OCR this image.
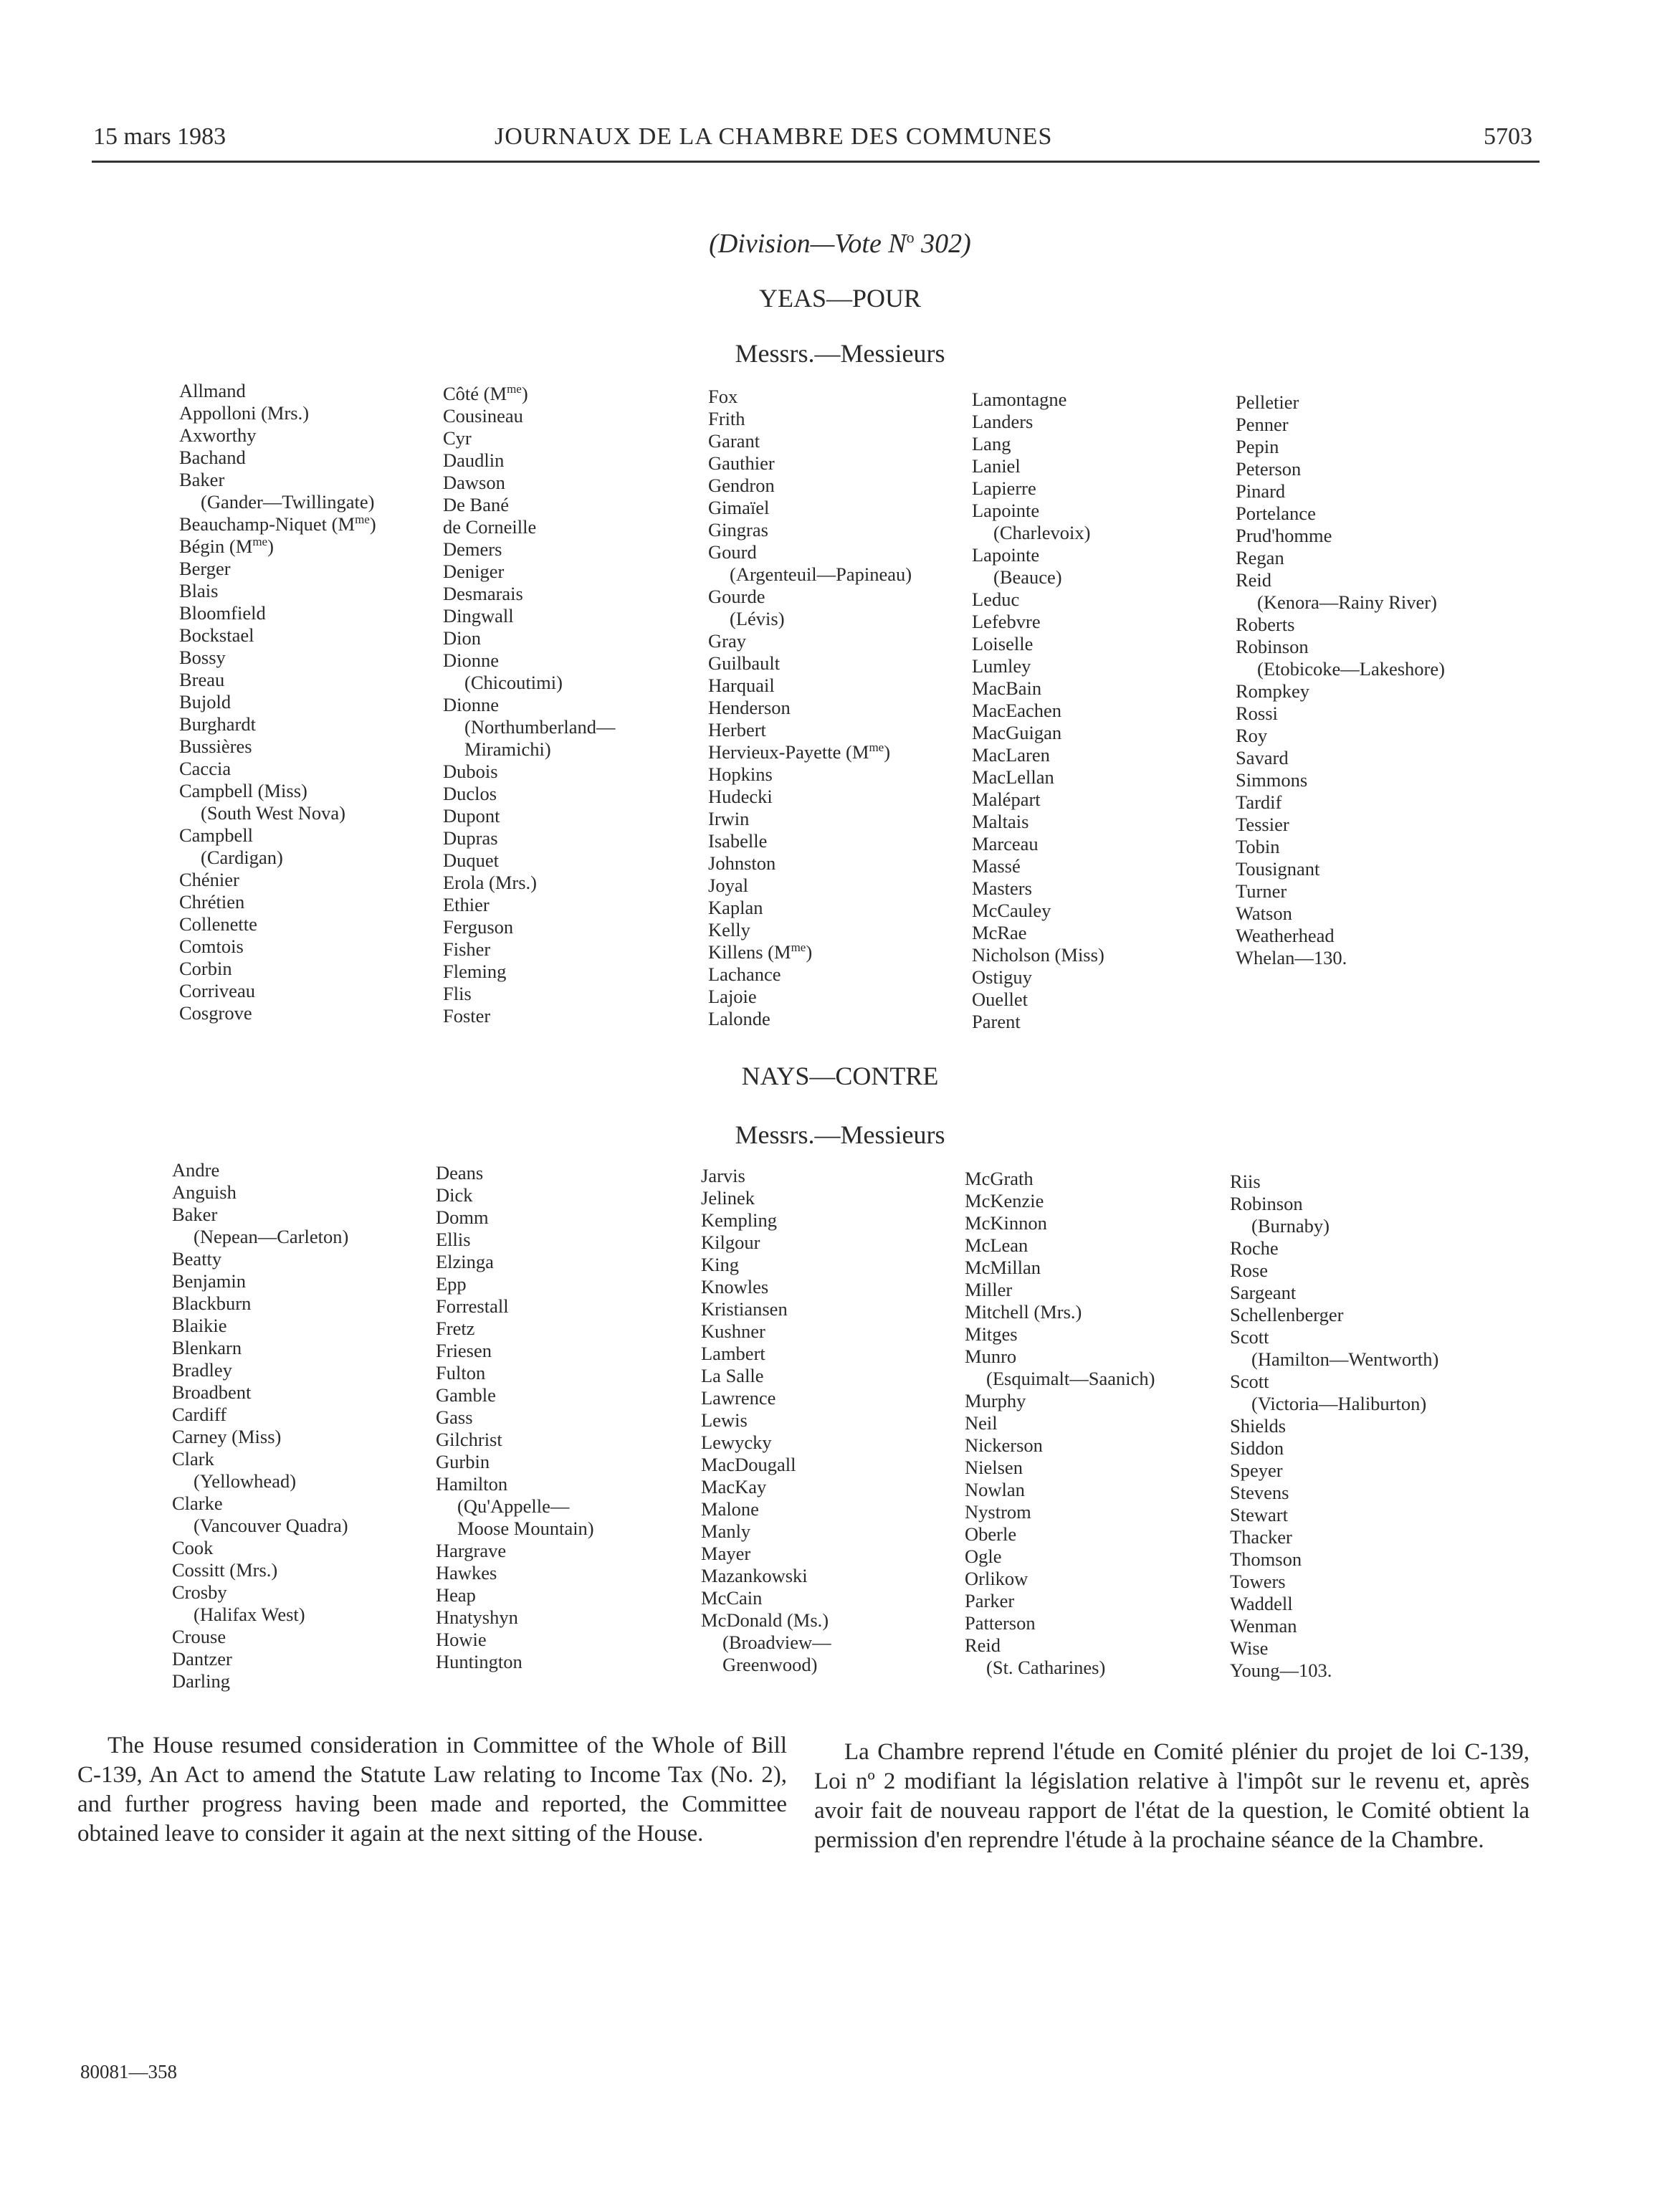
15 mars 1983	JOURNAUX DE LA CHAMBRE DES COMMUNES	5703
(Division—Vote $N^o$ 302)
YEAS—POUR
Messrs.—Messieurs
Allmand
Appolloni (Mrs.)
Axworthy
Bachand
Baker
(Gander—Twillingate)
Beauchamp-Niquet $(M^{me})$
Bégin $(M^{me})$
Berger
Blais
Bloomfield
Bockstael
Bossy
Breau
Bujold
Burghardt
Bussières
Caccia
Campbell (Miss)
(South West Nova)
Campbell
(Cardigan)
Chénier
Chrétien
Collenette
Comtois
Corbin
Corriveau
Cosgrove
Côté $(M^{me})$
Cousineau
Cyr
Daudlin
Dawson
De Bané
de Corneille
Demers
Deniger
Desmarais
Dingwall
Dion
Dionne
(Chicoutimi)
Dionne
(Northumberland—
Miramichi)
Dubois
Duclos
Dupont
Dupras
Duquet
Erola (Mrs.)
Ethier
Ferguson
Fisher
Fleming
Flis
Foster
Fox
Frith
Garant
Gauthier
Gendron
Gimaïel
Gingras
Gourd
(Argenteuil—Papineau)
Gourde
(Lévis)
Gray
Guilbault
Harquail
Henderson
Herbert
Hervieux-Payette $(M^{me})$
Hopkins
Hudecki
Irwin
Isabelle
Johnston
Joyal
Kaplan
Kelly
Killens $(M^{me})$
Lachance
Lajoie
Lalonde
Lamontagne
Landers
Lang
Laniel
Lapierre
Lapointe
(Charlevoix)
Lapointe
(Beauce)
Leduc
Lefebvre
Loiselle
Lumley
MacBain
MacEachen
MacGuigan
MacLaren
MacLellan
Malépart
Maltais
Marceau
Massé
Masters
McCauley
McRae
Nicholson (Miss)
Ostiguy
Ouellet
Parent
Pelletier
Penner
Pepin
Peterson
Pinard
Portelance
Prud'homme
Regan
Reid
(Kenora—Rainy River)
Roberts
Robinson
(Etobicoke—Lakeshore)
Rompkey
Rossi
Roy
Savard
Simmons
Tardif
Tessier
Tobin
Tousignant
Turner
Watson
Weatherhead
Whelan—130.
NAYS—CONTRE
Messrs.—Messieurs
Andre
Anguish
Baker
(Nepean—Carleton)
Beatty
Benjamin
Blackburn
Blaikie
Blenkarn
Bradley
Broadbent
Cardiff
Carney (Miss)
Clark
(Yellowhead)
Clarke
(Vancouver Quadra)
Cook
Cossitt (Mrs.)
Crosby
(Halifax West)
Crouse
Dantzer
Darling
Deans
Dick
Domm
Ellis
Elzinga
Epp
Forrestall
Fretz
Friesen
Fulton
Gamble
Gass
Gilchrist
Gurbin
Hamilton
(Qu'Appelle—
Moose Mountain)
Hargrave
Hawkes
Heap
Hnatyshyn
Howie
Huntington
Jarvis
Jelinek
Kempling
Kilgour
King
Knowles
Kristiansen
Kushner
Lambert
La Salle
Lawrence
Lewis
Lewycky
MacDougall
MacKay
Malone
Manly
Mayer
Mazankowski
McCain
McDonald (Ms.)
(Broadview—
Greenwood)
McGrath
McKenzie
McKinnon
McLean
McMillan
Miller
Mitchell (Mrs.)
Mitges
Munro
(Esquimalt—Saanich)
Murphy
Neil
Nickerson
Nielsen
Nowlan
Nystrom
Oberle
Ogle
Orlikow
Parker
Patterson
Reid
(St. Catharines)
Riis
Robinson
(Burnaby)
Roche
Rose
Sargeant
Schellenberger
Scott
(Hamilton—Wentworth)
Scott
(Victoria—Haliburton)
Shields
Siddon
Speyer
Stevens
Stewart
Thacker
Thomson
Towers
Waddell
Wenman
Wise
Young—103.
The House resumed consideration in Committee of the Whole of Bill C-139, An Act to amend the Statute Law relating to Income Tax (No. 2), and further progress having been made and reported, the Committee obtained leave to consider it again at the next sitting of the House.
La Chambre reprend l'étude en Comité plénier du projet de loi C-139, Loi nº 2 modifiant la législation relative à l'impôt sur le revenu et, après avoir fait de nouveau rapport de l'état de la question, le Comité obtient la permission d'en reprendre l'étude à la prochaine séance de la Chambre.
80081—358
